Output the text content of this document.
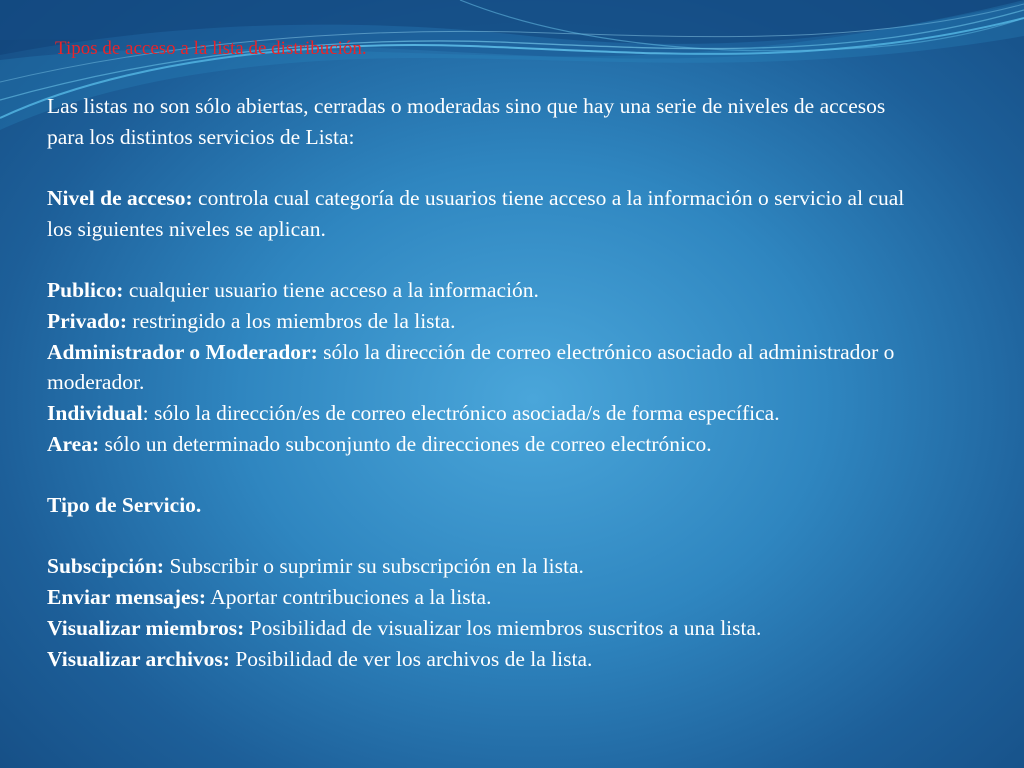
Tipos de acceso a la lista de distribución.

Las listas no son sólo abiertas, cerradas o moderadas sino que hay una serie de niveles de accesos para los distintos servicios de Lista:

Nivel de acceso: controla cual categoría de usuarios tiene acceso a la información o servicio al cual los siguientes niveles se aplican.

Publico: cualquier usuario tiene acceso a la información.

Privado: restringido a los miembros de la lista.

Administrador o Moderador: sólo la dirección de correo electrónico asociado al administrador o moderador.

Individual: sólo la dirección/es de correo electrónico asociada/s de forma específica.

Area: sólo un determinado subconjunto de direcciones de correo electrónico.

Tipo de Servicio.

Subscipción: Subscribir o suprimir su subscripción en la lista.

Enviar mensajes: Aportar contribuciones a la lista.

Visualizar miembros: Posibilidad de visualizar los miembros suscritos a una lista.

Visualizar archivos: Posibilidad de ver los archivos de la lista.
